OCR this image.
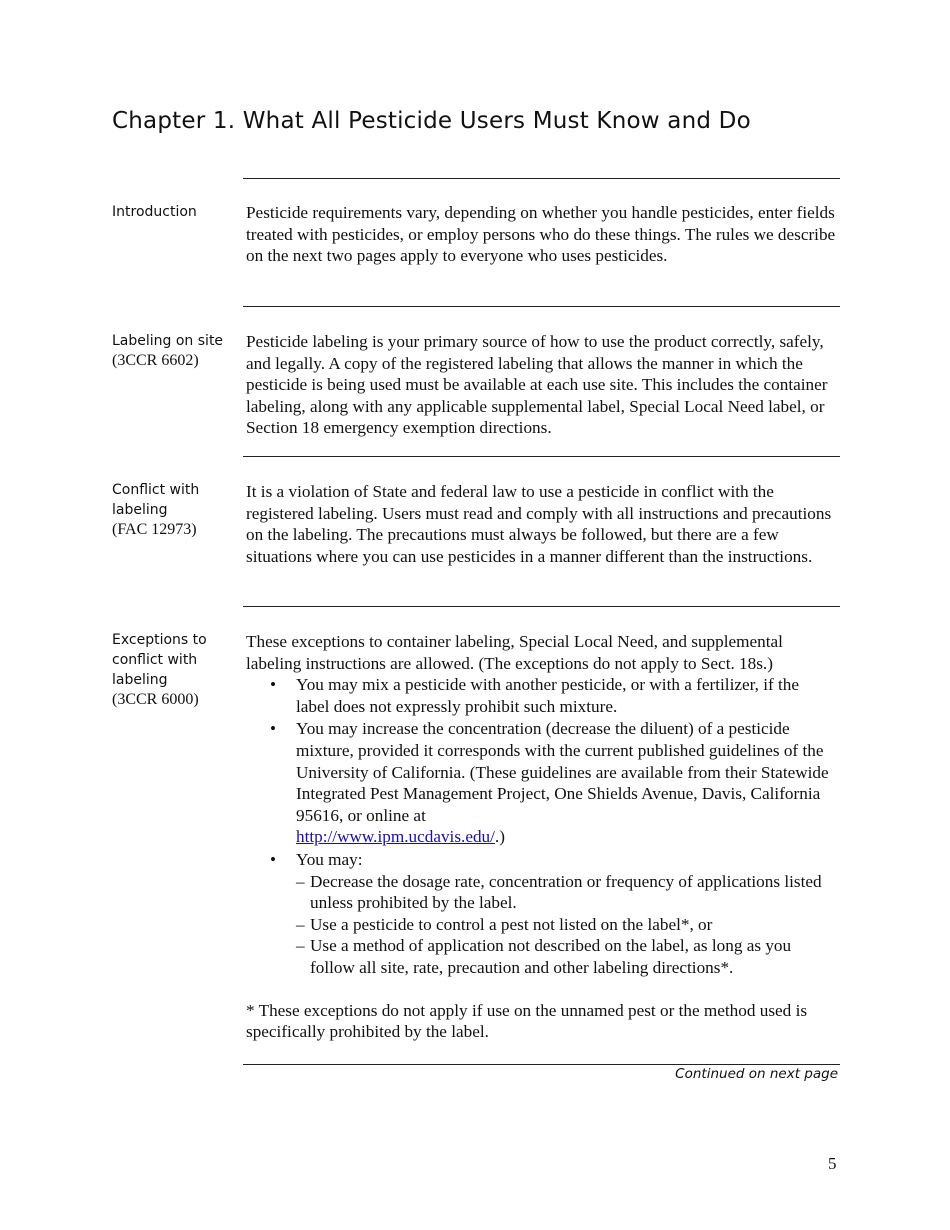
Chapter 1. What All Pesticide Users Must Know and Do
Introduction	Pesticide requirements vary, depending on whether you handle pesticides, enter fields treated with pesticides, or employ persons who do these things. The rules we describe on the next two pages apply to everyone who uses pesticides.

Labeling on site
(3CCR 6602)

Pesticide labeling is your primary source of how to use the product correctly, safely, and legally. A copy of the registered labeling that allows the manner in which the pesticide is being used must be available at each use site. This includes the container labeling, along with any applicable supplemental label, Special Local Need label, or Section 18 emergency exemption directions.

Conflict with labeling
(FAC 12973)

It is a violation of State and federal law to use a pesticide in conflict with the registered labeling. Users must read and comply with all instructions and precautions on the labeling. The precautions must always be followed, but there are a few situations where you can use pesticides in a manner different than the instructions.

Exceptions to conflict with labeling
(3CCR 6000)
These exceptions to container labeling, Special Local Need, and supplemental labeling instructions are allowed. (The exceptions do not apply to Sect. 18s.)
• You may mix a pesticide with another pesticide, or with a fertilizer, if the label does not expressly prohibit such mixture.
• You may increase the concentration (decrease the diluent) of a pesticide mixture, provided it corresponds with the current published guidelines of the University of California. (These guidelines are available from their Statewide Integrated Pest Management Project, One Shields Avenue, Davis, California 95616, or online at
http://www.ipm.ucdavis.edu/.)
• You may:
– Decrease the dosage rate, concentration or frequency of applications listed unless prohibited by the label.
– Use a pesticide to control a pest not listed on the label*, or
– Use a method of application not described on the label, as long as you follow all site, rate, precaution and other labeling directions*.
* These exceptions do not apply if use on the unnamed pest or the method used is specifically prohibited by the label.
Continued on next page
5
